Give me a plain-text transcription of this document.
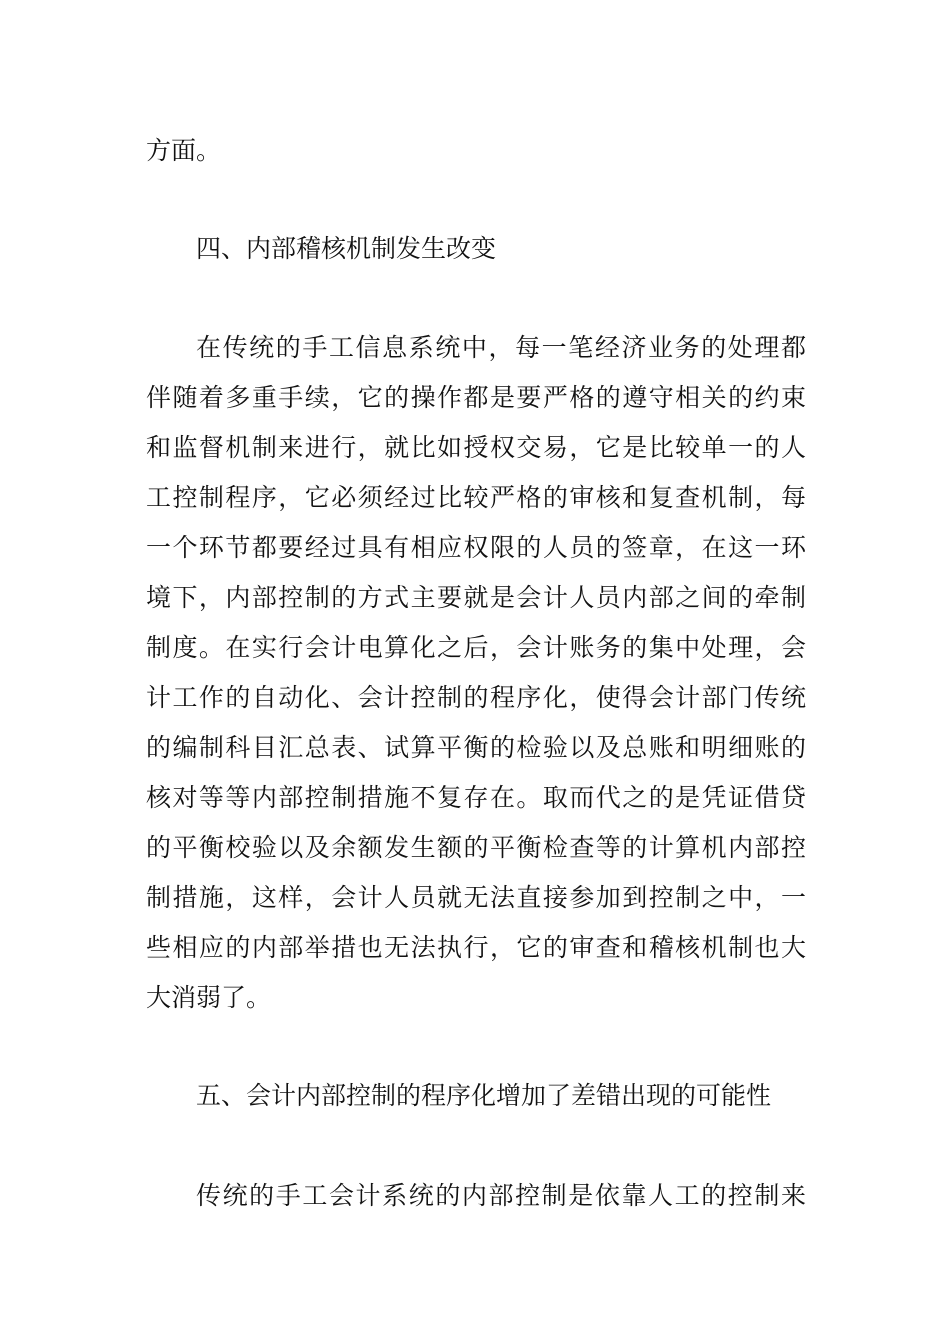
方面。
四、内部稽核机制发生改变
在传统的手工信息系统中，每一笔经济业务的处理都
伴随着多重手续，它的操作都是要严格的遵守相关的约束
和监督机制来进行，就比如授权交易，它是比较单一的人
工控制程序，它必须经过比较严格的审核和复查机制，每
一个环节都要经过具有相应权限的人员的签章，在这一环
境下，内部控制的方式主要就是会计人员内部之间的牵制
制度。在实行会计电算化之后，会计账务的集中处理，会
计工作的自动化、会计控制的程序化，使得会计部门传统
的编制科目汇总表、试算平衡的检验以及总账和明细账的
核对等等内部控制措施不复存在。取而代之的是凭证借贷
的平衡校验以及余额发生额的平衡检查等的计算机内部控
制措施，这样，会计人员就无法直接参加到控制之中，一
些相应的内部举措也无法执行，它的审查和稽核机制也大
大消弱了。
五、会计内部控制的程序化增加了差错出现的可能性
传统的手工会计系统的内部控制是依靠人工的控制来
